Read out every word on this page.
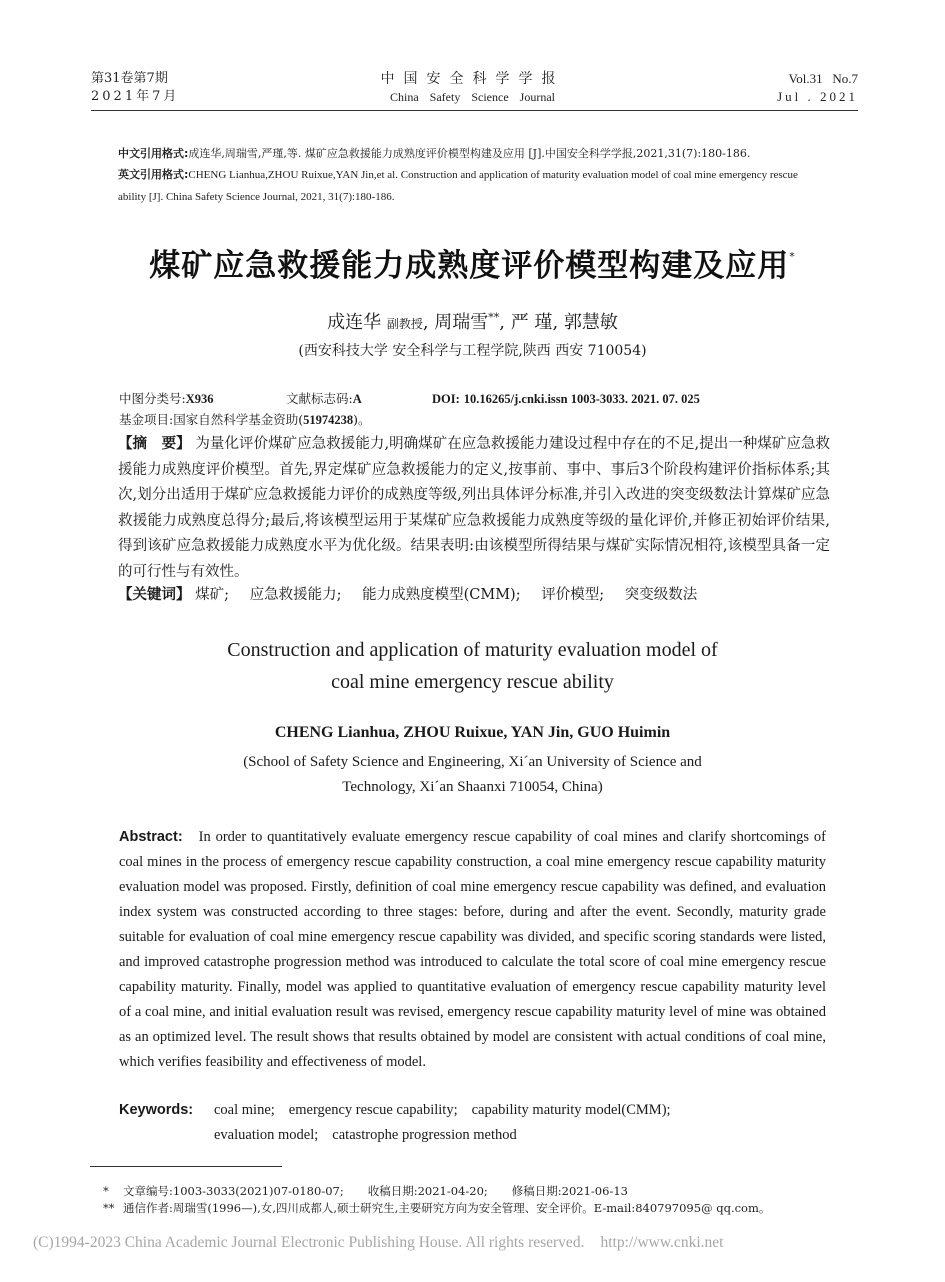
第31卷第7期
2021年7月
中国安全科学学报
China Safety Science Journal
Vol.31   No.7
Jul . 2021
中文引用格式:成连华,周瑞雪,严瑾,等. 煤矿应急救援能力成熟度评价模型构建及应用 [J].中国安全科学学报,2021,31(7):180-186.
英文引用格式:CHENG Lianhua,ZHOU Ruixue,YAN Jin,et al. Construction and application of maturity evaluation model of coal mine emergency rescue ability [J]. China Safety Science Journal, 2021, 31(7):180-186.
煤矿应急救援能力成熟度评价模型构建及应用*
成连华 副教授, 周瑞雪**, 严 瑾, 郭慧敏
(西安科技大学 安全科学与工程学院,陕西 西安 710054)
中图分类号:X936	文献标志码:A	DOI: 10.16265/j.cnki.issn 1003-3033. 2021. 07. 025
基金项目:国家自然科学基金资助(51974238)。
【摘　要】 为量化评价煤矿应急救援能力,明确煤矿在应急救援能力建设过程中存在的不足,提出一种煤矿应急救援能力成熟度评价模型。首先,界定煤矿应急救援能力的定义,按事前、事中、事后3个阶段构建评价指标体系;其次,划分出适用于煤矿应急救援能力评价的成熟度等级,列出具体评分标准,并引入改进的突变级数法计算煤矿应急救援能力成熟度总得分;最后,将该模型运用于某煤矿应急救援能力成熟度等级的量化评价,并修正初始评价结果,得到该矿应急救援能力成熟度水平为优化级。结果表明:由该模型所得结果与煤矿实际情况相符,该模型具备一定的可行性与有效性。
【关键词】 煤矿; 应急救援能力; 能力成熟度模型(CMM); 评价模型; 突变级数法
Construction and application of maturity evaluation model of
coal mine emergency rescue ability
CHENG Lianhua, ZHOU Ruixue, YAN Jin, GUO Huimin
(School of Safety Science and Engineering, Xi´an University of Science and
Technology, Xi´an Shaanxi 710054, China)
Abstract: In order to quantitatively evaluate emergency rescue capability of coal mines and clarify shortcomings of coal mines in the process of emergency rescue capability construction, a coal mine emergency rescue capability maturity evaluation model was proposed. Firstly, definition of coal mine emergency rescue capability was defined, and evaluation index system was constructed according to three stages: before, during and after the event. Secondly, maturity grade suitable for evaluation of coal mine emergency rescue capability was divided, and specific scoring standards were listed, and improved catastrophe progression method was introduced to calculate the total score of coal mine emergency rescue capability maturity. Finally, model was applied to quantitative evaluation of emergency rescue capability maturity level of a coal mine, and initial evaluation result was revised, emergency rescue capability maturity level of mine was obtained as an optimized level. The result shows that results obtained by model are consistent with actual conditions of coal mine, which verifies feasibility and effectiveness of model.
Keywords: coal mine; emergency rescue capability; capability maturity model(CMM);
evaluation model; catastrophe progression method
* 文章编号:1003-3033(2021)07-0180-07; 收稿日期:2021-04-20; 修稿日期:2021-06-13
** 通信作者:周瑞雪(1996—),女,四川成都人,硕士研究生,主要研究方向为安全管理、安全评价。E-mail:840797095@ qq.com。
(C)1994-2023 China Academic Journal Electronic Publishing House. All rights reserved. http://www.cnki.net
